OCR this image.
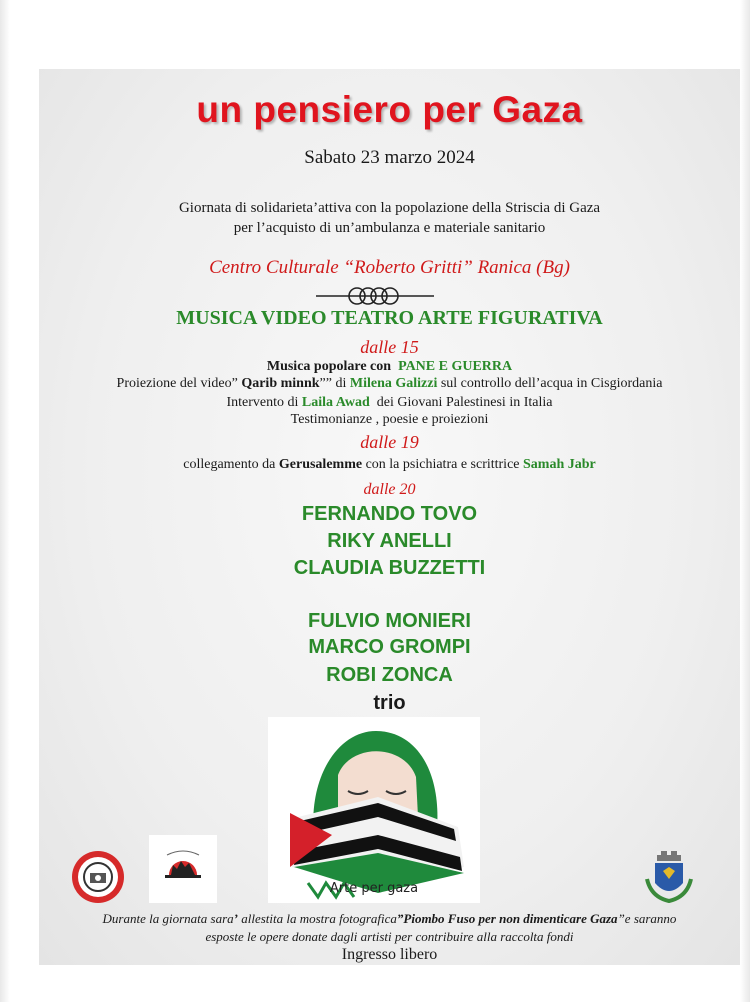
un pensiero per Gaza
Sabato 23 marzo 2024
Giornata di solidarieta’attiva con la popolazione della Striscia di Gaza
per l’acquisto di un’ambulanza e materiale sanitario
Centro Culturale “Roberto Gritti” Ranica (Bg)
MUSICA VIDEO TEATRO ARTE FIGURATIVA
dalle 15
Musica popolare con PANE E GUERRA
Proiezione del video” Qarib minnk”” di Milena Galizzi sul controllo dell’acqua in Cisgiordania
Intervento di Laila Awad dei Giovani Palestinesi in Italia
Testimonianze , poesie e proiezioni
dalle 19
collegamento da Gerusalemme con la psichiatra e scrittrice Samah Jabr
dalle 20
FERNANDO TOVO
RIKY ANELLI
CLAUDIA BUZZETTI
FULVIO MONIERI
MARCO GROMPI
ROBI ZONCA
trio
Arte per gaza
Durante la giornata sara’ allestita la mostra fotografica”Piombo Fuso per non dimenticare Gaza”e saranno
esposte le opere donate dagli artisti per contribuire alla raccolta fondi
Ingresso libero
